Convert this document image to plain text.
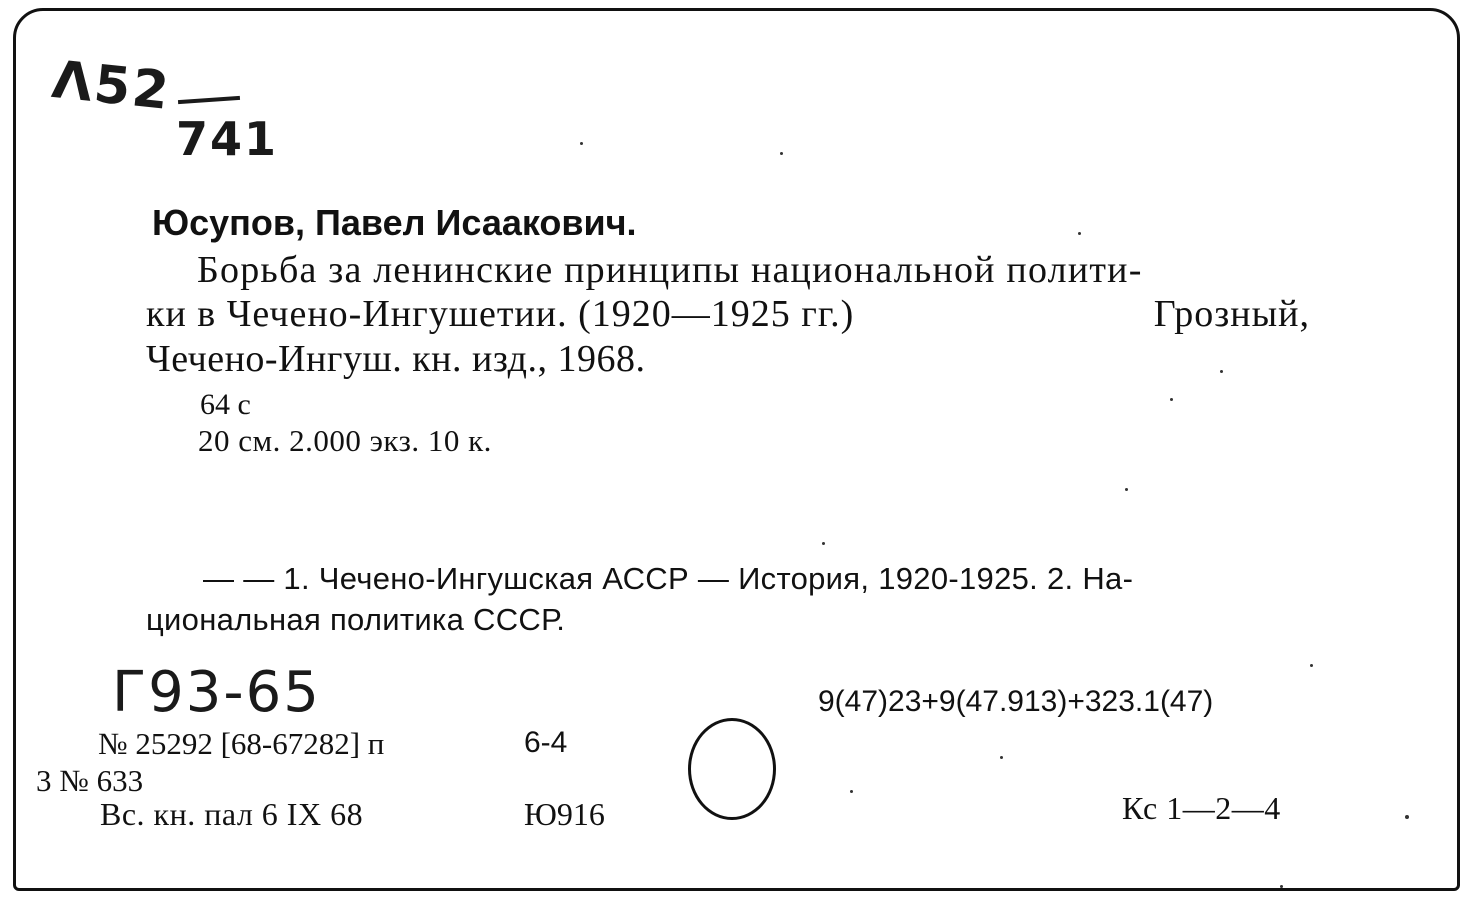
Λ52
741
Юсупов, Павел Исаакович.
Борьба за ленинские принципы национальной полити-
ки в Чечено-Ингушетии. (1920—1925 гг.)	Грозный,
Чечено-Ингуш. кн. изд., 1968.
64 с
20 см. 2.000 экз. 10 к.
— — 1. Чечено-Ингушская АССР — История, 1920-1925. 2. На-
циональная политика СССР.
Г93-65	9(47)23+9(47.913)+323.1(47)
№ 25292 [68-67282] п	6-4
3 № 633
Вс. кн. пал 6 IX 68	Ю916	Кс 1—2—4
